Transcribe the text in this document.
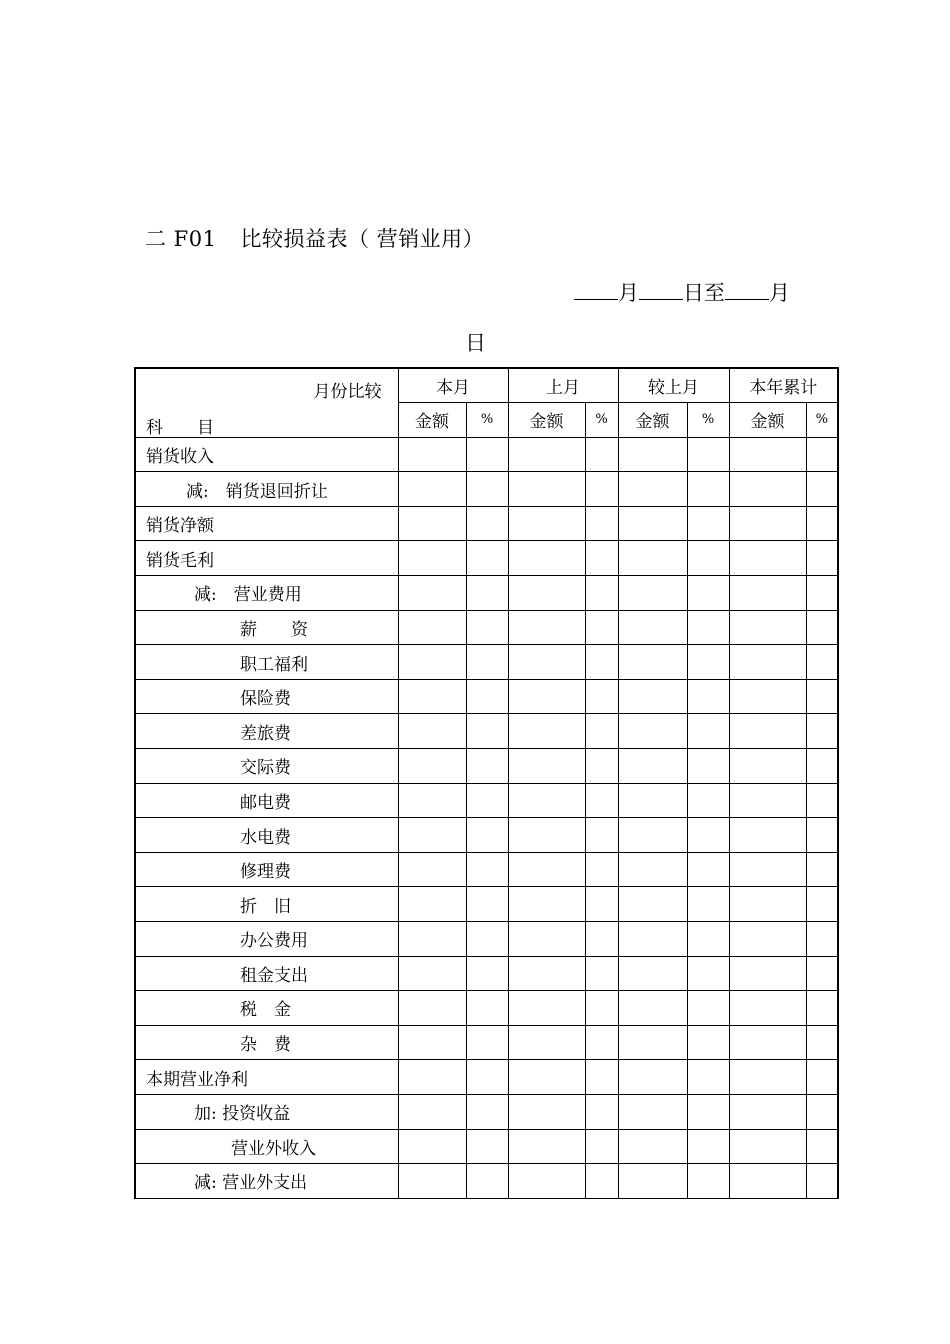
二 F01 比较损益表（ 营销业用）
月 日至 月
日
月份比较
科　　目	本月		上月		较上月		本年累计	
	金额	%	金额	%	金额	%	金额	%
销货收入								
减:　销货退回折让								
销货净额								
销货毛利								
减:　营业费用								
薪　　资								
职工福利								
保险费								
差旅费								
交际费								
邮电费								
水电费								
修理费								
折　旧								
办公费用								
租金支出								
税　金								
杂　费								
本期营业净利								
加: 投资收益								
营业外收入								
减: 营业外支出								
